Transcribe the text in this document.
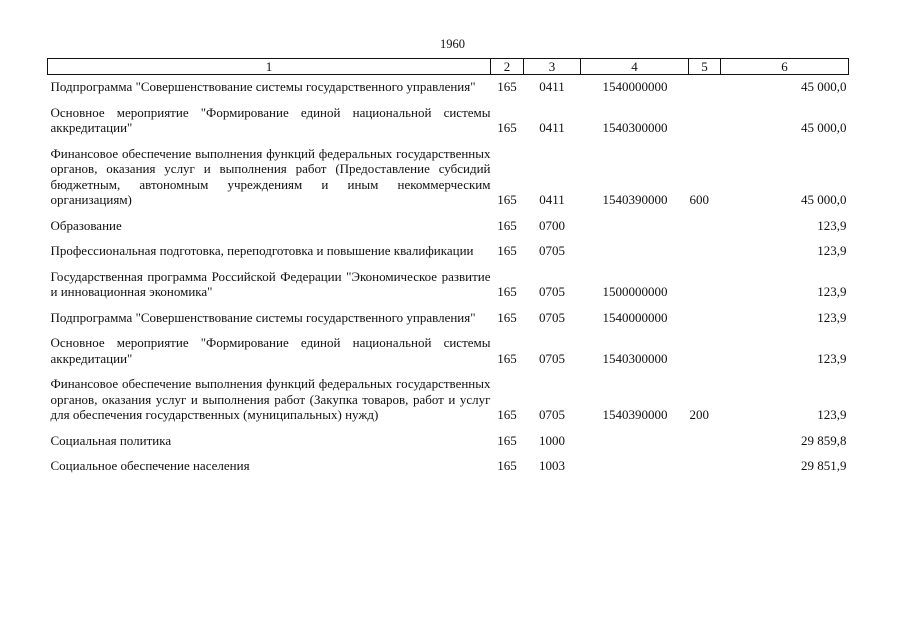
1960
1	2	3	4	5	6
Подпрограмма "Совершенствование системы государственного управления"	165	0411	1540000000		45 000,0
Основное мероприятие "Формирование единой национальной системы аккредитации"	165	0411	1540300000		45 000,0
Финансовое обеспечение выполнения функций федеральных государственных органов, оказания услуг и выполнения работ (Предоставление субсидий бюджетным, автономным учреждениям и иным некоммерческим организациям)	165	0411	1540390000	600	45 000,0
Образование	165	0700			123,9
Профессиональная подготовка, переподготовка и повышение квалификации	165	0705			123,9
Государственная программа Российской Федерации "Экономическое развитие и инновационная экономика"	165	0705	1500000000		123,9
Подпрограмма "Совершенствование системы государственного управления"	165	0705	1540000000		123,9
Основное мероприятие "Формирование единой национальной системы аккредитации"	165	0705	1540300000		123,9
Финансовое обеспечение выполнения функций федеральных государственных органов, оказания услуг и выполнения работ (Закупка товаров, работ и услуг для обеспечения государственных (муниципальных) нужд)	165	0705	1540390000	200	123,9
Социальная политика	165	1000			29 859,8
Социальное обеспечение населения	165	1003			29 851,9
